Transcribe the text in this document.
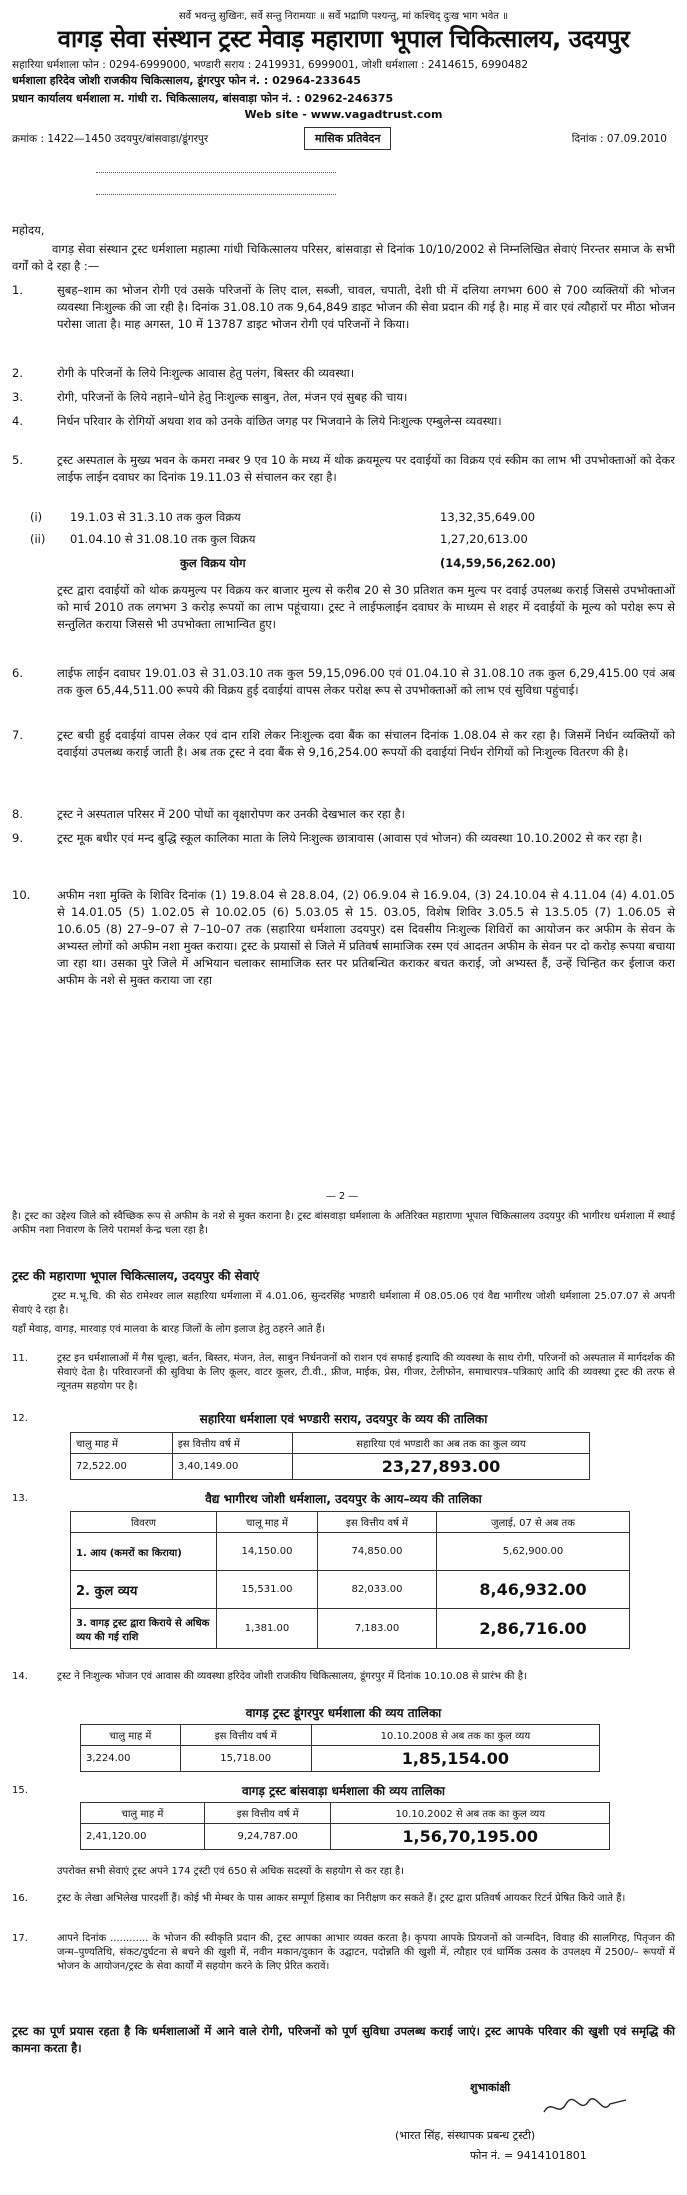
सर्वे भवन्तु सुखिनः, सर्वे सन्तु निरामयाः ॥ सर्वे भद्राणि पश्यन्तु, मां कश्चिद् दुःख भाग भवेत ॥
वागड़ सेवा संस्थान ट्रस्ट मेवाड़ महाराणा भूपाल चिकित्सालय, उदयपुर
सहारिया धर्मशाला फोन : 0294-6999000, भण्डारी सराय : 2419931, 6999001, जोशी धर्मशाला : 2414615, 6990482
धर्मशाला हरिदेव जोशी राजकीय चिकित्सालय, डूंगरपुर फोन नं. : 02964-233645
प्रधान कार्यालय धर्मशाला म. गांधी रा. चिकित्सालय, बांसवाड़ा फोन नं. : 02962-246375
Web site - www.vagadtrust.com
क्रमांक : 1422—1450 उदयपुर/बांसवाड़ा/डूंगरपुर	मासिक प्रतिवेदन	दिनांक : 07.09.2010
महोदय,
वागड़ सेवा संस्थान ट्रस्ट धर्मशाला महात्मा गांधी चिकित्सालय परिसर, बांसवाड़ा से दिनांक 10/10/2002 से निम्नलिखित सेवाएं निरन्तर समाज के सभी वर्गों को दे रहा है :—
1.	सुबह–शाम का भोजन रोगी एवं उसके परिजनों के लिए दाल, सब्जी, चावल, चपाती, देशी घी में दलिया लगभग 600 से 700 व्यक्तियों की भोजन व्यवस्था निःशुल्क की जा रही है। दिनांक 31.08.10 तक 9,64,849 डाइट भोजन की सेवा प्रदान की गई है। माह में वार एवं त्यौहारों पर मीठा भोजन परोसा जाता है। माह अगस्त, 10 में 13787 डाइट भोजन रोगी एवं परिजनों ने किया।
2.	रोगी के परिजनों के लिये निःशुल्क आवास हेतु पलंग, बिस्तर की व्यवस्था।
3.	रोगी, परिजनों के लिये नहाने–धोने हेतु निःशुल्क साबुन, तेल, मंजन एवं सुबह की चाय।
4.	निर्धन परिवार के रोगियों अथवा शव को उनके वांछित जगह पर भिजवाने के लिये निःशुल्क एम्बुलेन्स व्यवस्था।
5.	ट्रस्ट अस्पताल के मुख्य भवन के कमरा नम्बर 9 एव 10 के मध्य में थोक क्रयमूल्य पर दवाईयों का विक्रय एवं स्कीम का लाभ भी उपभोक्ताओं को देकर लाईफ लाईन दवाघर का दिनांक 19.11.03 से संचालन कर रहा है।
(i) 19.1.03 से 31.3.10 तक कुल विक्रय	13,32,35,649.00
(ii) 01.04.10 से 31.08.10 तक कुल विक्रय	1,27,20,613.00
कुल विक्रय योग	(14,59,56,262.00)
ट्रस्ट द्वारा दवाईयों को थोक क्रयमुल्य पर विक्रय कर बाजार मुल्य से करीब 20 से 30 प्रतिशत कम मुल्य पर दवाई उपलब्ध कराई जिससे उपभोक्ताओं को मार्च 2010 तक लगभग 3 करोड़ रूपयों का लाभ पहूंचाया। ट्रस्ट ने लाईफलाईन दवाघर के माध्यम से शहर में दवाईयों के मूल्य को परोक्ष रूप से सन्तुलित कराया जिससे भी उपभोक्ता लाभान्वित हुए।
6.	लाईफ लाईन दवाघर 19.01.03 से 31.03.10 तक कुल 59,15,096.00 एवं 01.04.10 से 31.08.10 तक कुल 6,29,415.00 एवं अब तक कुल 65,44,511.00 रूपये की विक्रय हुई दवाईयां वापस लेकर परोक्ष रूप से उपभोक्ताओं को लाभ एवं सुविधा पहुंचाई।
7.	ट्रस्ट बची हुई दवाईयां वापस लेकर एवं दान राशि लेकर निःशुल्क दवा बैंक का संचालन दिनांक 1.08.04 से कर रहा है। जिसमें निर्धन व्यक्तियों को दवाईयां उपलब्ध कराई जाती है। अब तक ट्रस्ट ने दवा बैंक से 9,16,254.00 रूपयों की दवाईयां निर्धन रोगियों को निःशुल्क वितरण की है।
8.	ट्रस्ट ने अस्पताल परिसर में 200 पोधों का वृक्षारोपण कर उनकी देखभाल कर रहा है।
9.	ट्रस्ट मूक बधीर एवं मन्द बुद्धि स्कूल कालिका माता के लिये निःशुल्क छात्रावास (आवास एवं भोजन) की व्यवस्था 10.10.2002 से कर रहा है।
10.	अफीम नशा मुक्ति के शिविर दिनांक (1) 19.8.04 से 28.8.04, (2) 06.9.04 से 16.9.04, (3) 24.10.04 से 4.11.04 (4) 4.01.05 से 14.01.05 (5) 1.02.05 से 10.02.05 (6) 5.03.05 से 15. 03.05, विशेष शिविर 3.05.5 से 13.5.05 (7) 1.06.05 से 10.6.05 (8) 27–9–07 से 7–10–07 तक (सहारिया धर्मशाला उदयपुर) दस दिवसीय निःशुल्क शिविरों का आयोजन कर अफीम के सेवन के अभ्यस्त लोगों को अफीम नशा मुक्त कराया। ट्रस्ट के प्रयासों से जिले में प्रतिवर्ष सामाजिक रस्म एवं आदतन अफीम के सेवन पर दो करोड़ रूपया बचाया जा रहा था। उसका पुरे जिले में अभियान चलाकर सामाजिक स्तर पर प्रतिबन्धित कराकर बचत कराई, जो अभ्यस्त हैं, उन्हें चिन्हित कर ईलाज करा अफीम के नशे से मुक्त कराया जा रहा
—2—
है। ट्रस्ट का उद्देश्य जिले को स्वैच्छिक रूप से अफीम के नशे से मुक्त कराना है। ट्रस्ट बांसवाड़ा धर्मशाला के अतिरिक्त महाराणा भूपाल चिकित्सालय उदयपुर की भागीरथ धर्मशाला में स्थाई अफीम नशा निवारण के लिये परामर्श केन्द्र चला रहा है।
ट्रस्ट की महाराणा भूपाल चिकित्सालय, उदयपुर की सेवाएं
ट्रस्ट म.भू.चि. की सेठ रामेश्वर लाल सहारिया धर्मशाला में 4.01.06, सुन्दरसिंह भण्डारी धर्मशाला में 08.05.06 एवं वैद्य भागीरथ जोशी धर्मशाला 25.07.07 से अपनी सेवाएं दे रहा है।
यहाँ मेवाड़, वागड़, मारवाड़ एवं मालवा के बारह जिलों के लोग इलाज हेतु ठहरने आते हैं।
11.	ट्रस्ट इन धर्मशालाओं में गैस चूल्हा, बर्तन, बिस्तर, मंजन, तेल, साबुन निर्धनजनों को राशन एवं सफाई इत्यादि की व्यवस्था के साथ रोगी, परिजनों को अस्पताल में मार्गदर्शक की सेवाएं देता है। परिवारजनों की सुविधा के लिए कूलर, वाटर कूलर, टी.वी., फ्रीज, माईक, प्रेस, गीजर, टेलीफोन, समाचारपत्र–पत्रिकाएं आदि की व्यवस्था ट्रस्ट की तरफ से न्यूनतम सहयोग पर है।
12.	सहारिया धर्मशाला एवं भण्डारी सराय, उदयपुर के व्यय की तालिका
चालु माह में	इस वित्तीय वर्ष में	सहारिया एवं भण्डारी का अब तक का कुल व्यय
72,522.00	3,40,149.00	23,27,893.00
13.	वैद्य भागीरथ जोशी धर्मशाला, उदयपुर के आय–व्यय की तालिका
विवरण	चालू माह में	इस वित्तीय वर्ष में	जुलाई, 07 से अब तक
1. आय (कमरों का किराया)	14,150.00	74,850.00	5,62,900.00
2. कुल व्यय	15,531.00	82,033.00	8,46,932.00
3. वागड़ ट्रस्ट द्वारा किराये से अधिक व्यय की गई राशि	1,381.00	7,183.00	2,86,716.00
14.	ट्रस्ट ने निःशुल्क भोजन एवं आवास की व्यवस्था हरिदेव जोशी राजकीय चिकित्सालय, डूंगरपुर में दिनांक 10.10.08 से प्रारंभ की है।
वागड़ ट्रस्ट डूंगरपुर धर्मशाला की व्यय तालिका
चालु माह में	इस वित्तीय वर्ष में	10.10.2008 से अब तक का कुल व्यय
3,224.00	15,718.00	1,85,154.00
15.	वागड़ ट्रस्ट बांसवाड़ा धर्मशाला की व्यय तालिका
चालु माह में	इस वित्तीय वर्ष में	10.10.2002 से अब तक का कुल व्यय
2,41,120.00	9,24,787.00	1,56,70,195.00
उपरोक्त सभी सेवाएं ट्रस्ट अपने 174 ट्रस्टी एवं 650 से अधिक सदस्यों के सहयोग से कर रहा है।
16.	ट्रस्ट के लेखा अभिलेख पारदर्शी हैं। कोई भी मेम्बर के पास आकर सम्पूर्ण हिसाब का निरीक्षण कर सकते हैं। ट्रस्ट द्वारा प्रतिवर्ष आयकर रिटर्न प्रेषित किये जाते हैं।
17.	आपने दिनांक ............ के भोजन की स्वीकृति प्रदान की, ट्रस्ट आपका आभार व्यक्त करता है। कृपया आपके प्रियजनों को जन्मदिन, विवाह की सालगिरह, पितृजन की जन्म–पुण्यतिथि, संकट/दुर्घटना से बचने की खुशी में, नवीन मकान/दुकान के उद्घाटन, पदोन्नति की खुशी में, त्यौहार एवं धार्मिक उत्सव के उपलक्ष्य में 2500/– रूपयों में भोजन के आयोजन/ट्रस्ट के सेवा कार्यों में सहयोग करने के लिए प्रेरित करावें।
ट्रस्ट का पूर्ण प्रयास रहता है कि धर्मशालाओं में आने वाले रोगी, परिजनों को पूर्ण सुविधा उपलब्ध कराई जाएं। ट्रस्ट आपके परिवार की खुशी एवं समृद्धि की कामना करता है।
शुभाकांक्षी
(भारत सिंह, संस्थापक प्रबन्ध ट्रस्टी)
फोन नं. = 9414101801
